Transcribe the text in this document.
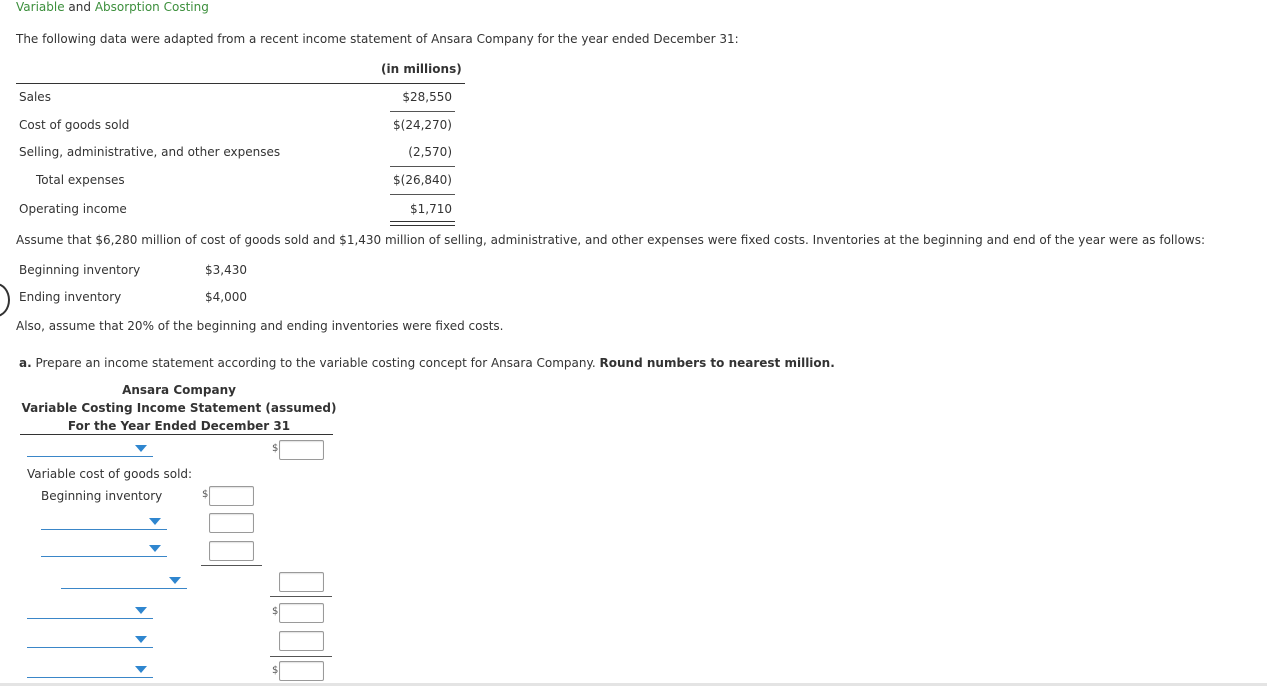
Variable and Absorption Costing
The following data were adapted from a recent income statement of Ansara Company for the year ended December 31:
(in millions)
Sales	$28,550
Cost of goods sold	$(24,270)
Selling, administrative, and other expenses	(2,570)
Total expenses	$(26,840)
Operating income	$1,710
Assume that $6,280 million of cost of goods sold and $1,430 million of selling, administrative, and other expenses were fixed costs. Inventories at the beginning and end of the year were as follows:
Beginning inventory	$3,430
Ending inventory	$4,000
Also, assume that 20% of the beginning and ending inventories were fixed costs.
a. Prepare an income statement according to the variable costing concept for Ansara Company. Round numbers to nearest million.
Ansara Company
Variable Costing Income Statement (assumed)
For the Year Ended December 31
$
Variable cost of goods sold:
Beginning inventory	$
$
$
